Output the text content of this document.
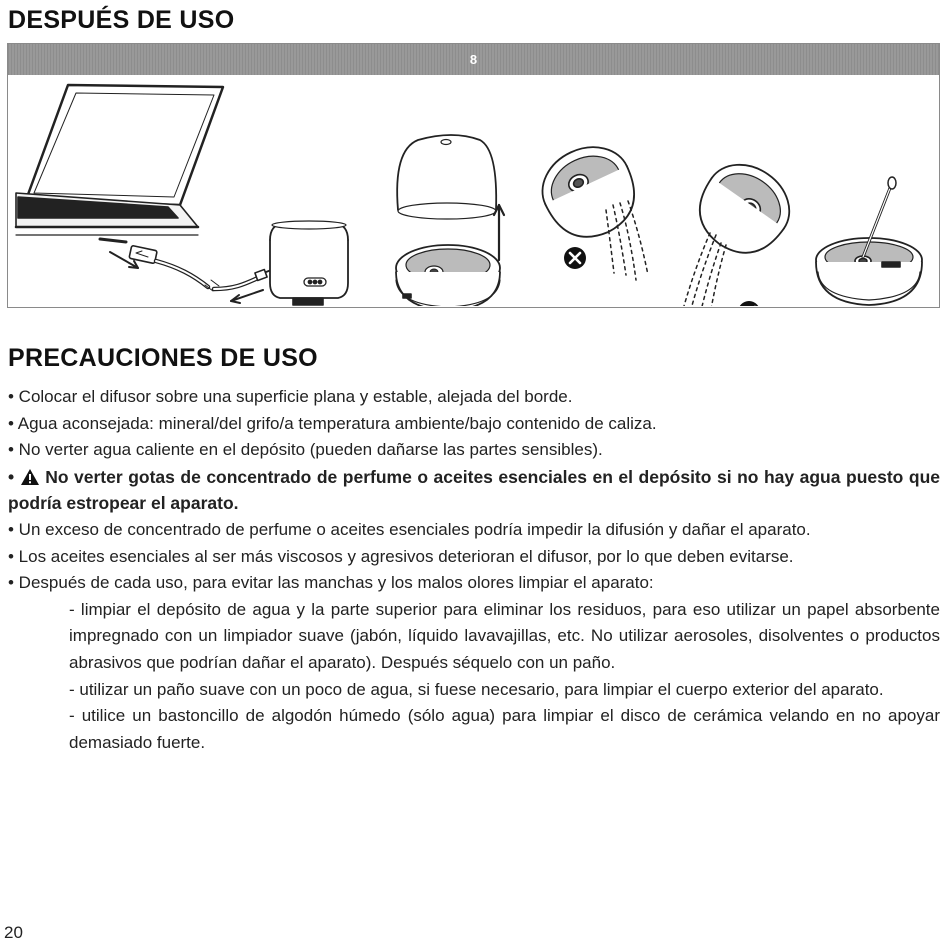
DESPUÉS DE USO
8
PRECAUCIONES DE USO

• Colocar el difusor sobre una superficie plana y estable, alejada del borde.

• Agua aconsejada: mineral/del grifo/a temperatura ambiente/bajo contenido de caliza.

• No verter agua caliente en el depósito (pueden dañarse las partes sensibles).

•  No verter gotas de concentrado de perfume o aceites esenciales en el depósito si no hay agua puesto que podría estropear el aparato.

• Un exceso de concentrado de perfume o aceites esenciales podría impedir la difusión y dañar el aparato.

• Los aceites esenciales al ser más viscosos y agresivos deterioran el difusor, por lo que deben evitarse.

• Después de cada uso, para evitar las manchas y los malos olores limpiar el aparato:

- limpiar el depósito de agua y la parte superior para eliminar los residuos, para eso utilizar un papel absorbente impregnado con un limpiador suave (jabón, líquido lavavajillas, etc. No utilizar aerosoles, disolventes o productos abrasivos que podrían dañar el aparato). Después séquelo con un paño.

- utilizar un paño suave con un poco de agua, si fuese necesario, para limpiar el cuerpo exterior del aparato.

- utilice un bastoncillo de algodón húmedo (sólo agua) para limpiar el disco de cerámica velando en no apoyar demasiado fuerte.

20
